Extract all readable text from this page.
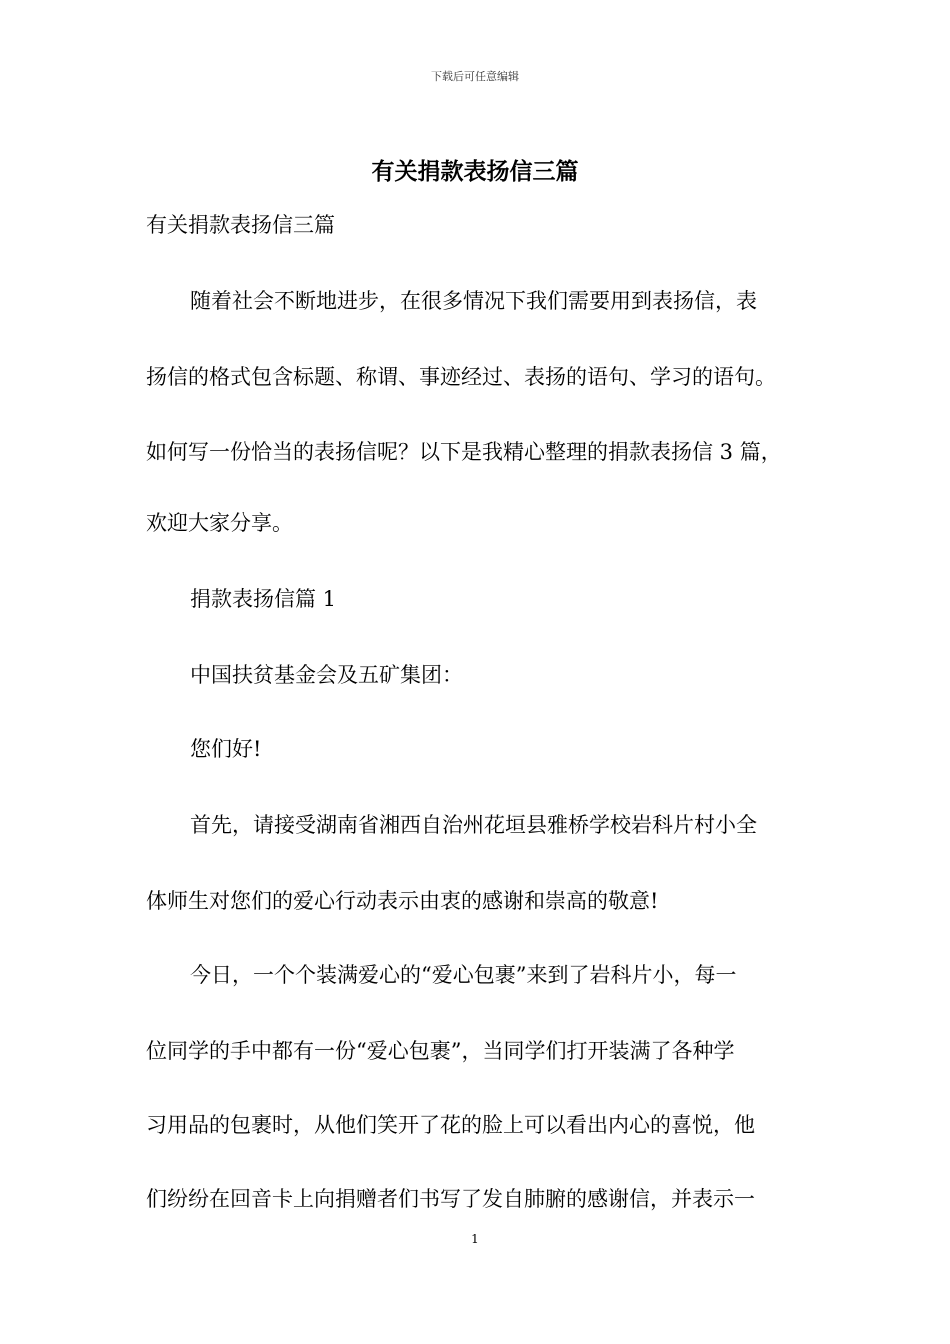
下载后可任意编辑
有关捐款表扬信三篇
有关捐款表扬信三篇
随着社会不断地进步，在很多情况下我们需要用到表扬信，表
扬信的格式包含标题、称谓、事迹经过、表扬的语句、学习的语句。
如何写一份恰当的表扬信呢？以下是我精心整理的捐款表扬信 3 篇，
欢迎大家分享。
捐款表扬信篇 1
中国扶贫基金会及五矿集团：
您们好!
首先，请接受湖南省湘西自治州花垣县雅桥学校岩科片村小全
体师生对您们的爱心行动表示由衷的感谢和崇高的敬意!
今日，一个个装满爱心的“爱心包裹”来到了岩科片小，每一
位同学的手中都有一份“爱心包裹”，当同学们打开装满了各种学
习用品的包裹时，从他们笑开了花的脸上可以看出内心的喜悦，他
们纷纷在回音卡上向捐赠者们书写了发自肺腑的感谢信，并表示一
1
